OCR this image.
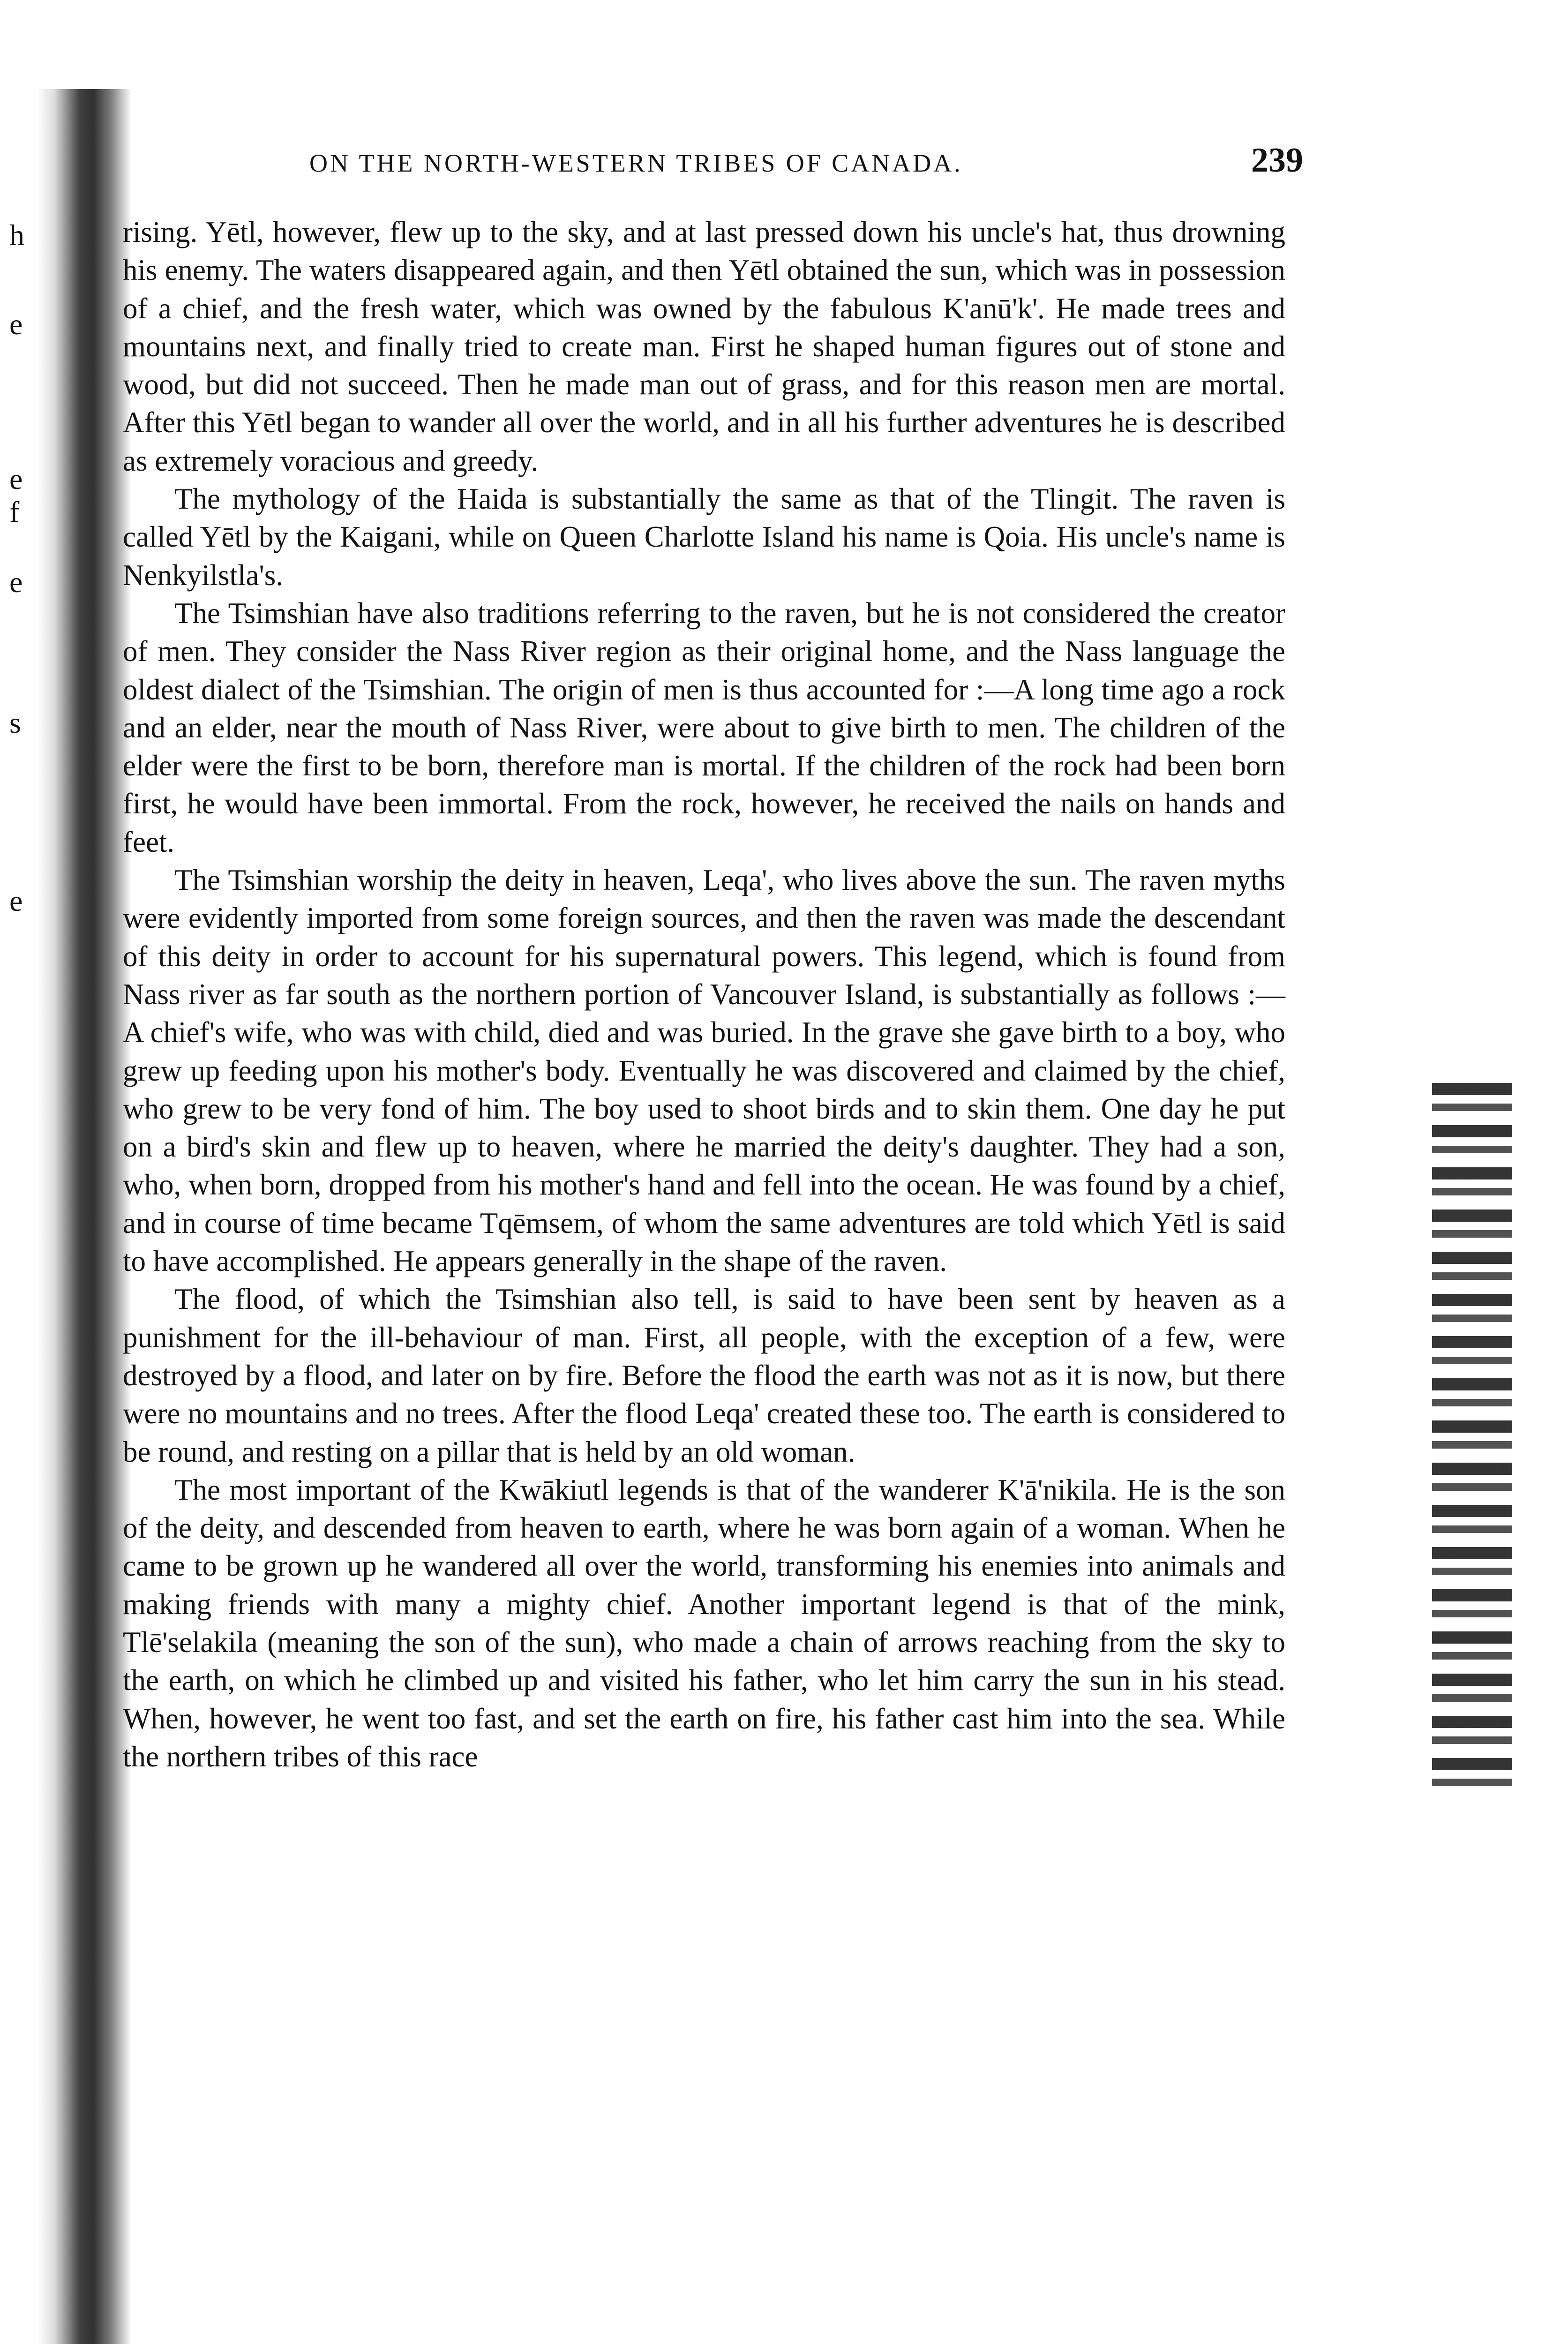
h
e
e
f
e
s
e
ON THE NORTH-WESTERN TRIBES OF CANADA.	239

rising. Yētl, however, flew up to the sky, and at last pressed down his uncle's hat, thus drowning his enemy. The waters disappeared again, and then Yētl obtained the sun, which was in possession of a chief, and the fresh water, which was owned by the fabulous K'anū'k'. He made trees and mountains next, and finally tried to create man. First he shaped human figures out of stone and wood, but did not succeed. Then he made man out of grass, and for this reason men are mortal. After this Yētl began to wander all over the world, and in all his further adventures he is described as extremely voracious and greedy.

The mythology of the Haida is substantially the same as that of the Tlingit. The raven is called Yētl by the Kaigani, while on Queen Charlotte Island his name is Qoia. His uncle's name is Nenkyilstla's.

The Tsimshian have also traditions referring to the raven, but he is not considered the creator of men. They consider the Nass River region as their original home, and the Nass language the oldest dialect of the Tsimshian. The origin of men is thus accounted for :—A long time ago a rock and an elder, near the mouth of Nass River, were about to give birth to men. The children of the elder were the first to be born, therefore man is mortal. If the children of the rock had been born first, he would have been immortal. From the rock, however, he received the nails on hands and feet.

The Tsimshian worship the deity in heaven, Leqa', who lives above the sun. The raven myths were evidently imported from some foreign sources, and then the raven was made the descendant of this deity in order to account for his supernatural powers. This legend, which is found from Nass river as far south as the northern portion of Vancouver Island, is substantially as follows :—A chief's wife, who was with child, died and was buried. In the grave she gave birth to a boy, who grew up feeding upon his mother's body. Eventually he was discovered and claimed by the chief, who grew to be very fond of him. The boy used to shoot birds and to skin them. One day he put on a bird's skin and flew up to heaven, where he married the deity's daughter. They had a son, who, when born, dropped from his mother's hand and fell into the ocean. He was found by a chief, and in course of time became Tqēmsem, of whom the same adventures are told which Yētl is said to have accomplished. He appears generally in the shape of the raven.

The flood, of which the Tsimshian also tell, is said to have been sent by heaven as a punishment for the ill-behaviour of man. First, all people, with the exception of a few, were destroyed by a flood, and later on by fire. Before the flood the earth was not as it is now, but there were no mountains and no trees. After the flood Leqa' created these too. The earth is considered to be round, and resting on a pillar that is held by an old woman.

The most important of the Kwākiutl legends is that of the wanderer K'ā'nikila. He is the son of the deity, and descended from heaven to earth, where he was born again of a woman. When he came to be grown up he wandered all over the world, transforming his enemies into animals and making friends with many a mighty chief. Another important legend is that of the mink, Tlē'selakila (meaning the son of the sun), who made a chain of arrows reaching from the sky to the earth, on which he climbed up and visited his father, who let him carry the sun in his stead. When, however, he went too fast, and set the earth on fire, his father cast him into the sea. While the northern tribes of this race
